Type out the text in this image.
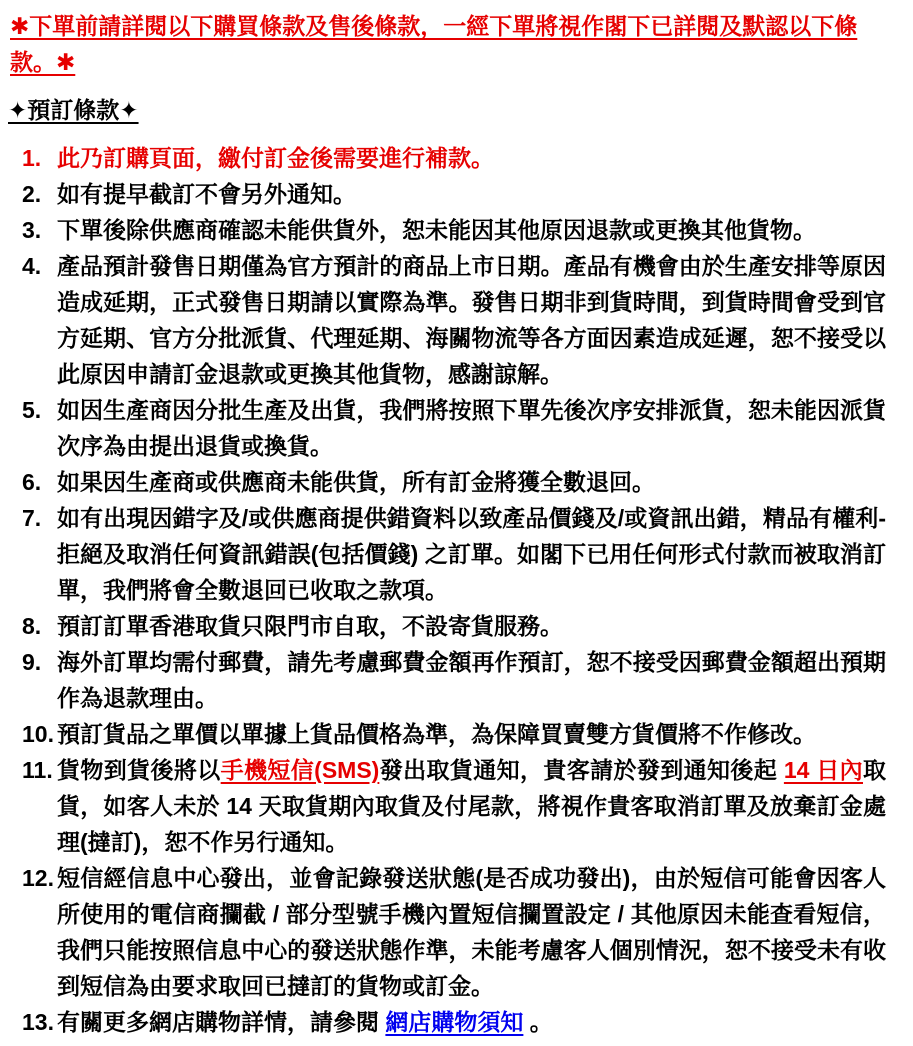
✱下單前請詳閱以下購買條款及售後條款，一經下單將視作閣下已詳閱及默認以下條款。✱

✦預訂條款✦

1. 此乃訂購頁面，繳付訂金後需要進行補款。
2. 如有提早截訂不會另外通知。
3. 下單後除供應商確認未能供貨外，恕未能因其他原因退款或更換其他貨物。
4. 產品預計發售日期僅為官方預計的商品上市日期。產品有機會由於生產安排等原因造成延期，正式發售日期請以實際為準。發售日期非到貨時間，到貨時間會受到官方延期、官方分批派貨、代理延期、海關物流等各方面因素造成延遲，恕不接受以此原因申請訂金退款或更換其他貨物，感謝諒解。
5. 如因生產商因分批生產及出貨，我們將按照下單先後次序安排派貨，恕未能因派貨次序為由提出退貨或換貨。
6. 如果因生產商或供應商未能供貨，所有訂金將獲全數退回。
7. 如有出現因錯字及/或供應商提供錯資料以致產品價錢及/或資訊出錯，精品有權利-拒絕及取消任何資訊錯誤(包括價錢) 之訂單。如閣下已用任何形式付款而被取消訂單，我們將會全數退回已收取之款項。
8. 預訂訂單香港取貨只限門市自取，不設寄貨服務。
9. 海外訂單均需付郵費，請先考慮郵費金額再作預訂，恕不接受因郵費金額超出預期作為退款理由。
10. 預訂貨品之單價以單據上貨品價格為準，為保障買賣雙方貨價將不作修改。
11. 貨物到貨後將以手機短信(SMS)發出取貨通知，貴客請於發到通知後起 14 日內取貨，如客人未於 14 天取貨期內取貨及付尾款，將視作貴客取消訂單及放棄訂金處理(撻訂)，恕不作另行通知。
12. 短信經信息中心發出，並會記錄發送狀態(是否成功發出)，由於短信可能會因客人所使用的電信商攔截 / 部分型號手機內置短信攔置設定 / 其他原因未能查看短信，我們只能按照信息中心的發送狀態作準，未能考慮客人個別情況，恕不接受未有收到短信為由要求取回已撻訂的貨物或訂金。
13. 有關更多網店購物詳情，請參閱 網店購物須知 。
